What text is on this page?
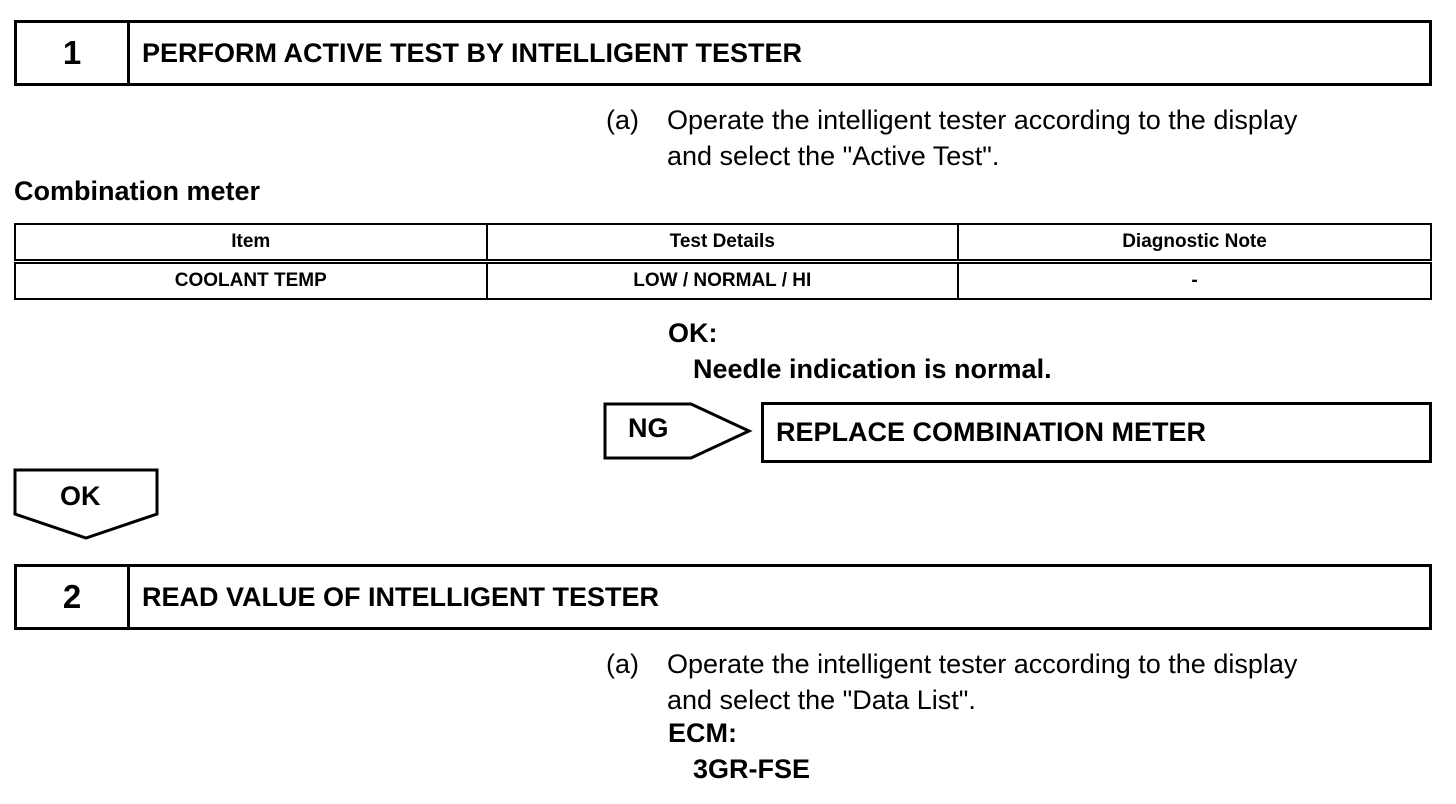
1	PERFORM ACTIVE TEST BY INTELLIGENT TESTER
(a) Operate the intelligent tester according to the display
and select the "Active Test".
Combination meter
Item	Test Details	Diagnostic Note
COOLANT TEMP	LOW / NORMAL / HI	-
OK:
Needle indication is normal.
NG	REPLACE COMBINATION METER
OK
2	READ VALUE OF INTELLIGENT TESTER
(a) Operate the intelligent tester according to the display
and select the "Data List".
ECM:
3GR-FSE
